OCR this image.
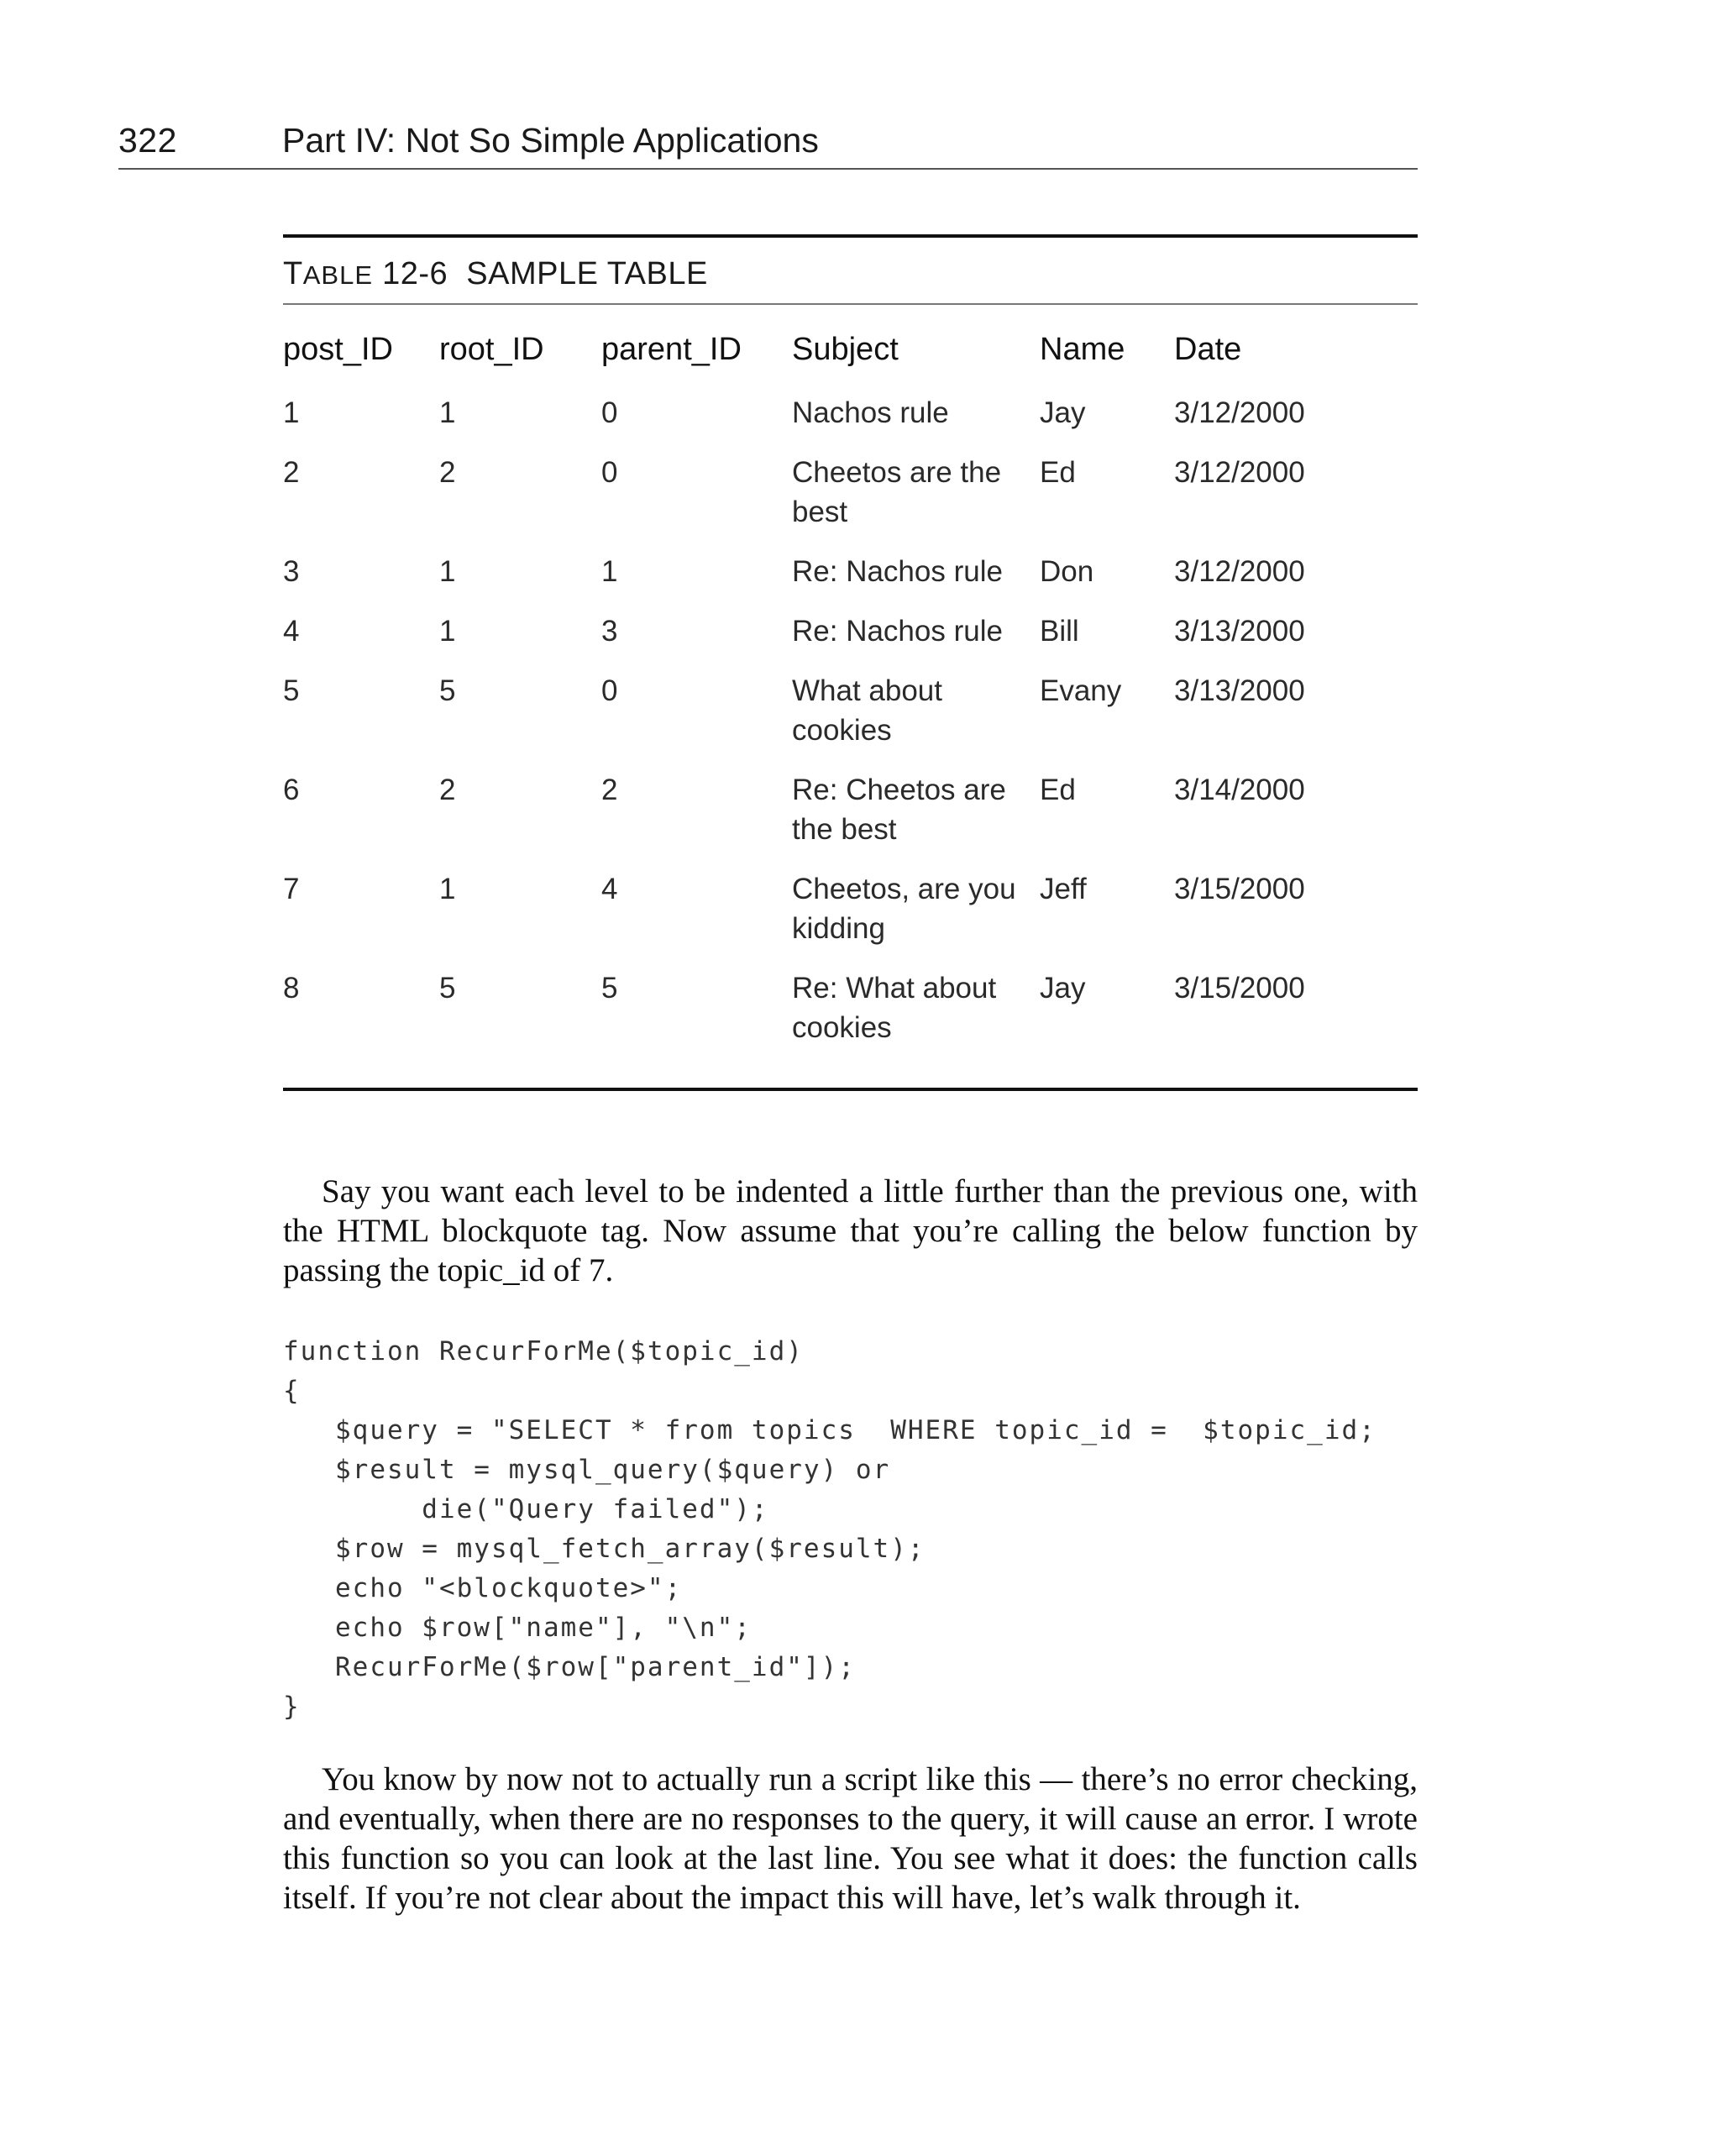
322	Part IV: Not So Simple Applications
TABLE 12-6 SAMPLE TABLE
post_ID	root_ID	parent_ID	Subject	Name	Date
1	1	0	Nachos rule	Jay	3/12/2000
2	2	0	Cheetos are the best	Ed	3/12/2000
3	1	1	Re: Nachos rule	Don	3/12/2000
4	1	3	Re: Nachos rule	Bill	3/13/2000
5	5	0	What about cookies	Evany	3/13/2000
6	2	2	Re: Cheetos are the best	Ed	3/14/2000
7	1	4	Cheetos, are you kidding	Jeff	3/15/2000
8	5	5	Re: What about cookies	Jay	3/15/2000

Say you want each level to be indented a little further than the previous one, with the HTML blockquote tag. Now assume that you’re calling the below function by passing the topic_id of 7.

function RecurForMe($topic_id)
{
$query = "SELECT * from topics  WHERE topic_id =  $topic_id;
$result = mysql_query($query) or
die("Query failed");
$row = mysql_fetch_array($result);
echo "<blockquote>";
echo $row["name"], "\n";
RecurForMe($row["parent_id"]);
}

You know by now not to actually run a script like this — there’s no error checking, and eventually, when there are no responses to the query, it will cause an error. I wrote this function so you can look at the last line. You see what it does: the function calls itself. If you’re not clear about the impact this will have, let’s walk through it.
